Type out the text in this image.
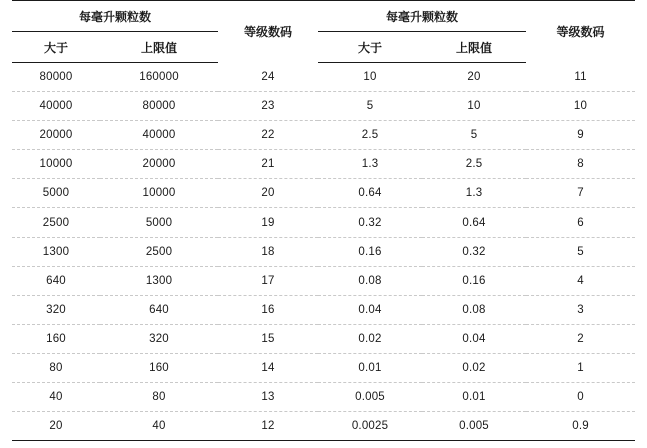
每毫升颗粒数		等级数码	每毫升颗粒数		等级数码
大于	上限值		大于	上限值	
80000	160000	24	10	20	11
40000	80000	23	5	10	10
20000	40000	22	2.5	5	9
10000	20000	21	1.3	2.5	8
5000	10000	20	0.64	1.3	7
2500	5000	19	0.32	0.64	6
1300	2500	18	0.16	0.32	5
640	1300	17	0.08	0.16	4
320	640	16	0.04	0.08	3
160	320	15	0.02	0.04	2
80	160	14	0.01	0.02	1
40	80	13	0.005	0.01	0
20	40	12	0.0025	0.005	0.9
